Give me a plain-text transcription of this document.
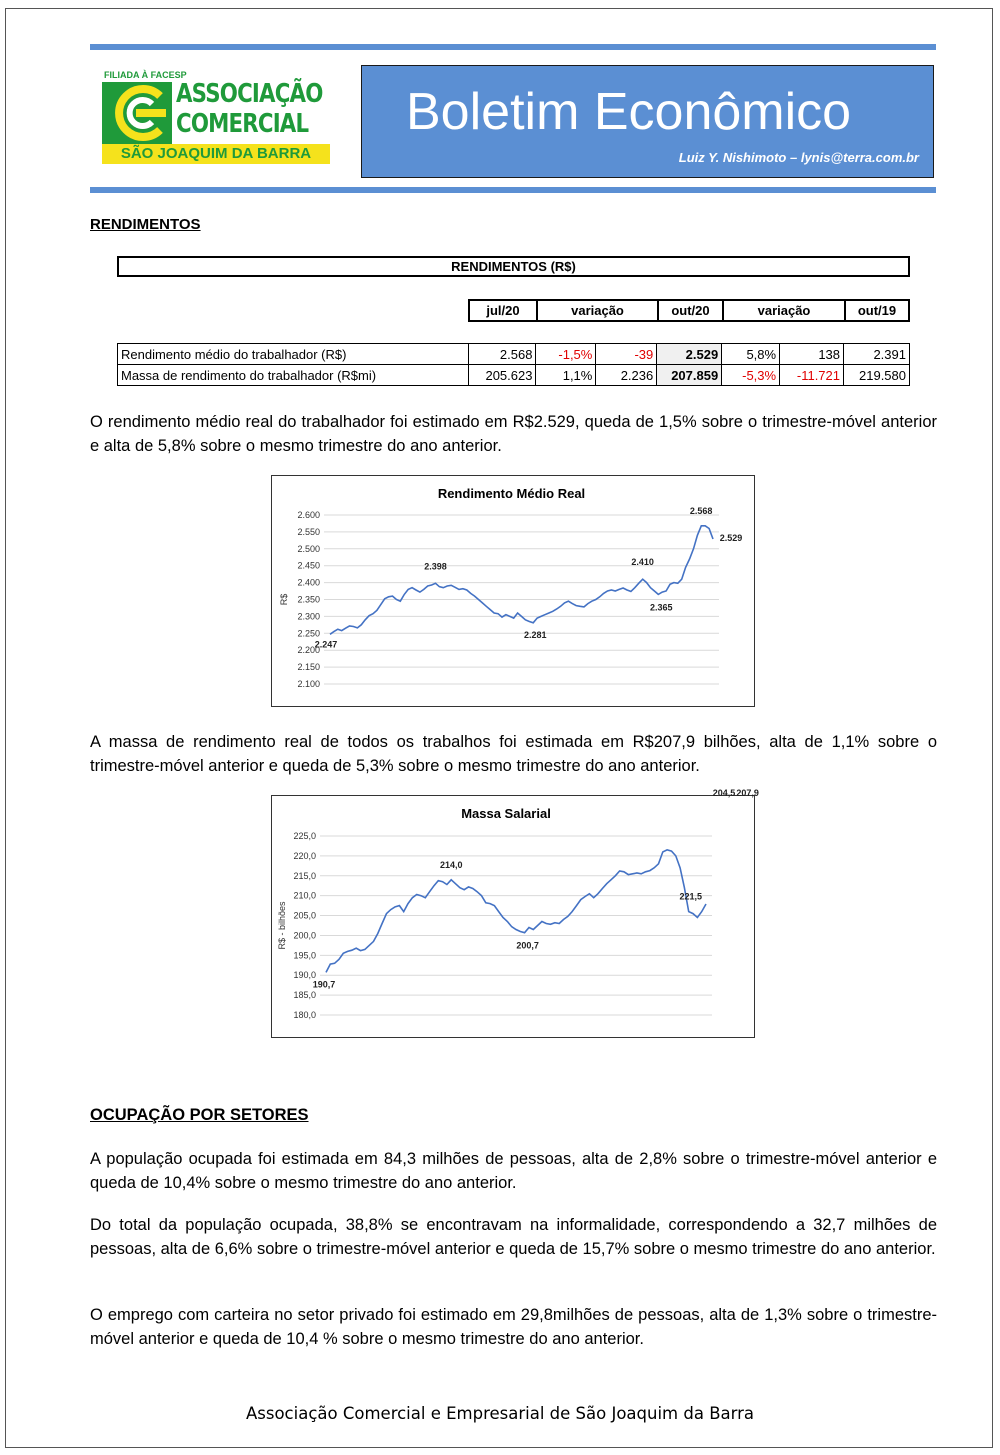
FILIADA À FACESP
ASSOCIAÇÃO
COMERCIAL
SÃO JOAQUIM DA BARRA
Boletim Econômico
Luiz Y. Nishimoto – lynis@terra.com.br
RENDIMENTOS
RENDIMENTOS (R$)
jul/20	variação	out/20	variação	out/19
Rendimento médio do trabalhador (R$)	2.568	-1,5%	-39	2.529	5,8%	138	2.391
Massa de rendimento do trabalhador (R$mi)	205.623	1,1%	2.236	207.859	-5,3%	-11.721	219.580
O rendimento médio real do trabalhador foi estimado em R$2.529, queda de 1,5% sobre o trimestre-móvel anterior e alta de 5,8% sobre o mesmo trimestre do ano anterior.
Rendimento Médio Real
2.600
2.550
2.500
2.450
2.400
2.350
2.300
2.250
2.200
2.150
2.100
R$
2.247
2.398
2.281
2.410
2.365
2.568
2.529
A massa de rendimento real de todos os trabalhos foi estimada em R$207,9 bilhões, alta de 1,1% sobre o trimestre-móvel anterior e queda de 5,3% sobre o mesmo trimestre do ano anterior.
Massa Salarial
225,0
220,0
215,0
210,0
205,0
200,0
195,0
190,0
185,0
180,0
R$ - bilhões
190,7
214,0
200,7
221,5
204,5 207,9
OCUPAÇÃO POR SETORES
A população ocupada foi estimada em 84,3 milhões de pessoas, alta de 2,8% sobre o trimestre-móvel anterior e queda de 10,4% sobre o mesmo trimestre do ano anterior.
Do total da população ocupada, 38,8% se encontravam na informalidade, correspondendo a 32,7 milhões de pessoas, alta de 6,6% sobre o trimestre-móvel anterior e queda de 15,7% sobre o mesmo trimestre do ano anterior.
O emprego com carteira no setor privado foi estimado em 29,8milhões de pessoas, alta de 1,3% sobre o trimestre-móvel anterior e queda de 10,4 % sobre o mesmo trimestre do ano anterior.
Associação Comercial e Empresarial de São Joaquim da Barra
